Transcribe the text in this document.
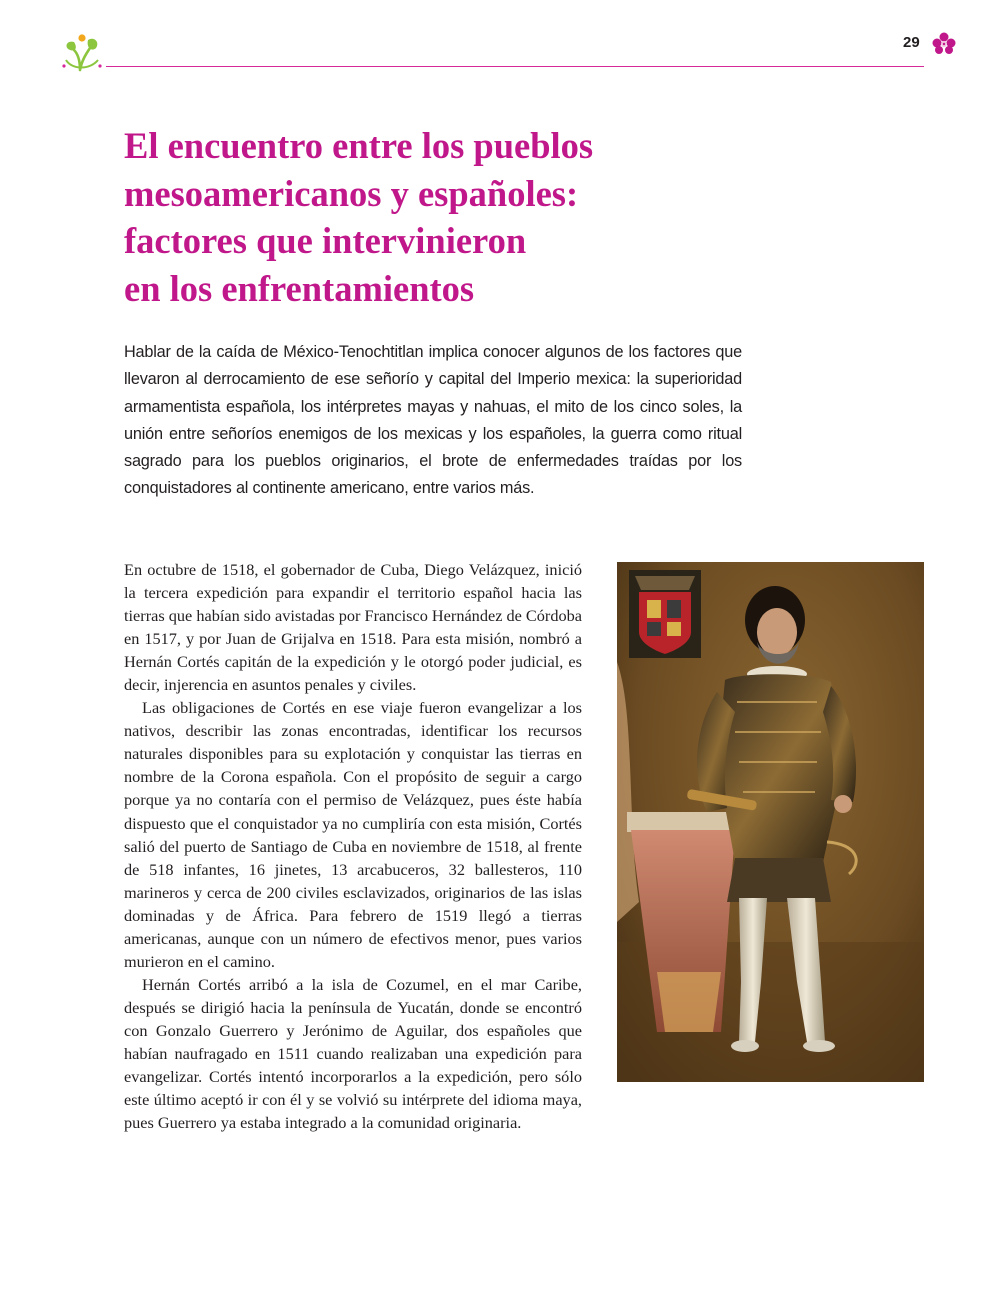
29
El encuentro entre los pueblos
mesoamericanos y españoles:
factores que intervinieron
en los enfrentamientos

Hablar de la caída de México-Tenochtitlan implica conocer algunos de los factores que llevaron al derrocamiento de ese señorío y capital del Imperio mexica: la superioridad armamentista española, los intérpretes mayas y nahuas, el mito de los cinco soles, la unión entre señoríos enemigos de los mexicas y los españoles, la guerra como ritual sagrado para los pueblos originarios, el brote de enfermedades traídas por los conquistadores al continente americano, entre varios más.

En octubre de 1518, el gobernador de Cuba, Diego Velázquez, inició la tercera expedición para expandir el territorio español hacia las tierras que habían sido avistadas por Francisco Hernández de Córdoba en 1517, y por Juan de Grijalva en 1518. Para esta misión, nombró a Hernán Cortés capitán de la expedición y le otorgó poder judicial, es decir, injerencia en asuntos penales y civiles.

Las obligaciones de Cortés en ese viaje fueron evangelizar a los nativos, describir las zonas encontradas, identificar los recursos naturales disponibles para su explotación y conquistar las tierras en nombre de la Corona española. Con el propósito de seguir a cargo porque ya no contaría con el permiso de Velázquez, pues éste había dispuesto que el conquistador ya no cumpliría con esta misión, Cortés salió del puerto de Santiago de Cuba en noviembre de 1518, al frente de 518 infantes, 16 jinetes, 13 arcabuceros, 32 ballesteros, 110 marineros y cerca de 200 civiles esclavizados, originarios de las islas dominadas y de África. Para febrero de 1519 llegó a tierras americanas, aunque con un número de efectivos menor, pues varios murieron en el camino.

Hernán Cortés arribó a la isla de Cozumel, en el mar Caribe, después se dirigió hacia la península de Yucatán, donde se encontró con Gonzalo Guerrero y Jerónimo de Aguilar, dos españoles que habían naufragado en 1511 cuando realizaban una expedición para evangelizar. Cortés intentó incorporarlos a la expedición, pero sólo este último aceptó ir con él y se volvió su intérprete del idioma maya, pues Guerrero ya estaba integrado a la comunidad originaria.
